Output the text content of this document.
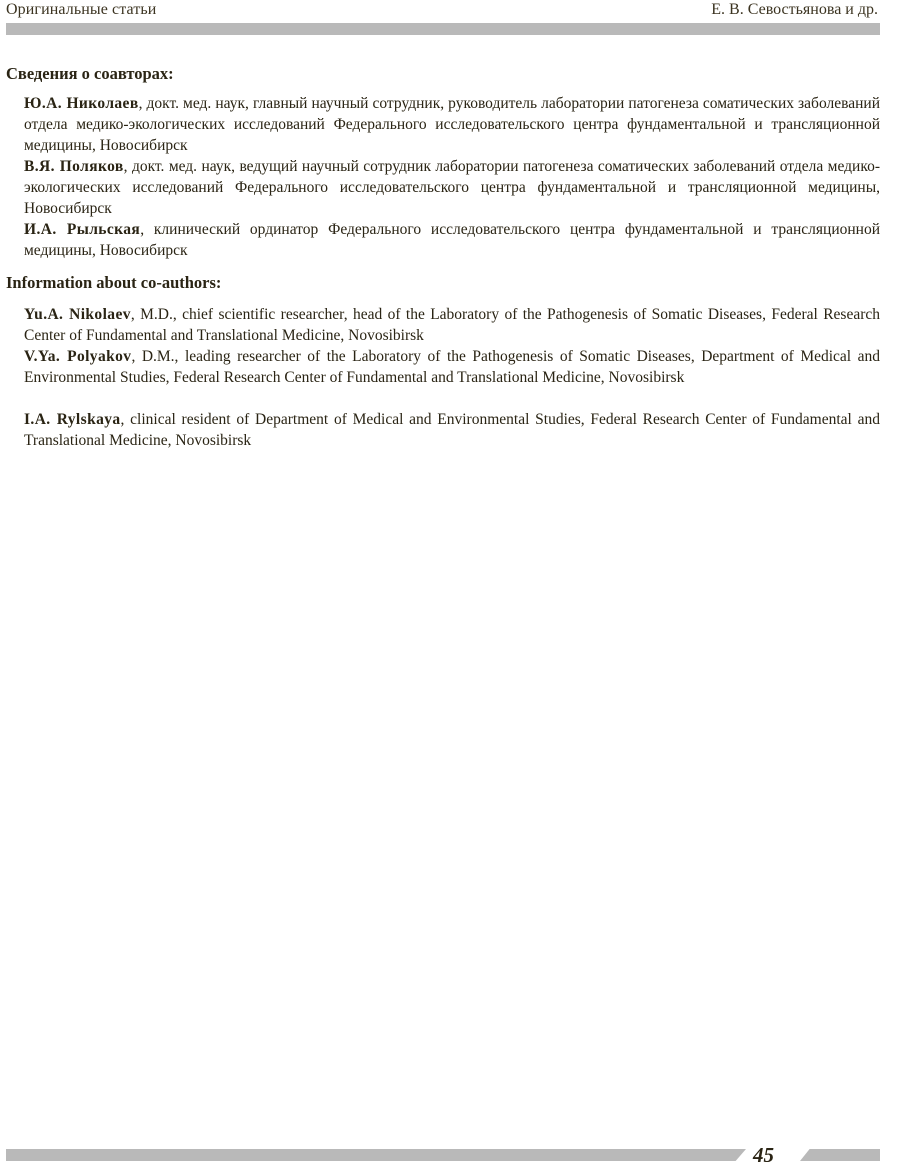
Оригинальные статьи	Е. В. Севостьянова и др.
Сведения о соавторах:

Ю.А. Николаев, докт. мед. наук, главный научный сотрудник, руководитель лаборатории патогенеза соматических заболеваний отдела медико-экологических исследований Федерального исследовательского центра фундаментальной и трансляционной медицины, Новосибирск

В.Я. Поляков, докт. мед. наук, ведущий научный сотрудник лаборатории патогенеза соматических заболеваний отдела медико-экологических исследований Федерального исследовательского центра фундаментальной и трансляционной медицины, Новосибирск

И.А. Рыльская, клинический ординатор Федерального исследовательского центра фундаментальной и трансляционной медицины, Новосибирск

Information about co-authors:

Yu.A. Nikolaev, M.D., chief scientific researcher, head of the Laboratory of the Pathogenesis of Somatic Diseases, Federal Research Center of Fundamental and Translational Medicine, Novosibirsk

V.Ya. Polyakov, D.M., leading researcher of the Laboratory of the Pathogenesis of Somatic Diseases, Department of Medical and Environmental Studies, Federal Research Center of Fundamental and Translational Medicine, Novosibirsk

I.A. Rylskaya, clinical resident of Department of Medical and Environmental Studies, Federal Research Center of Fundamental and Translational Medicine, Novosibirsk

45
